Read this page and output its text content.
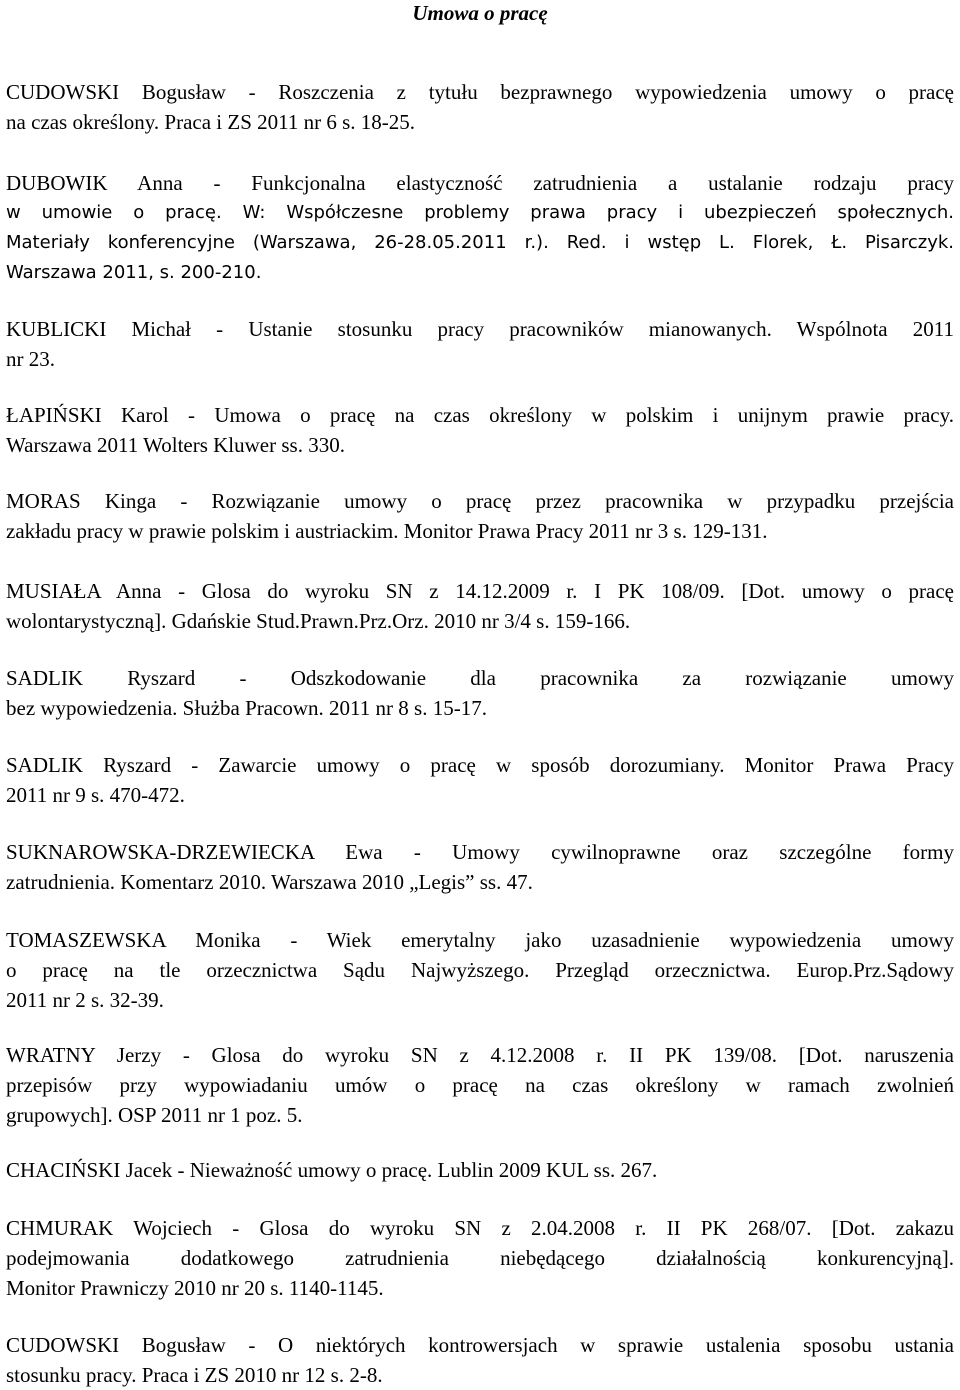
Umowa o pracę
CUDOWSKI Bogusław - Roszczenia z tytułu bezprawnego wypowiedzenia umowy o pracę
na czas określony. Praca i ZS 2011 nr 6 s. 18-25.
DUBOWIK Anna - Funkcjonalna elastyczność zatrudnienia a ustalanie rodzaju pracy
w umowie o pracę. W: Współczesne problemy prawa pracy i ubezpieczeń społecznych.
Materiały konferencyjne (Warszawa, 26-28.05.2011 r.). Red. i wstęp L. Florek, Ł. Pisarczyk.
Warszawa 2011, s. 200-210.
KUBLICKI Michał - Ustanie stosunku pracy pracowników mianowanych. Wspólnota 2011
nr 23.
ŁAPIŃSKI Karol - Umowa o pracę na czas określony w polskim i unijnym prawie pracy.
Warszawa 2011 Wolters Kluwer ss. 330.
MORAS Kinga - Rozwiązanie umowy o pracę przez pracownika w przypadku przejścia
zakładu pracy w prawie polskim i austriackim. Monitor Prawa Pracy 2011 nr 3 s. 129-131.
MUSIAŁA Anna - Glosa do wyroku SN z 14.12.2009 r. I PK 108/09. [Dot. umowy o pracę
wolontarystyczną]. Gdańskie Stud.Prawn.Prz.Orz. 2010 nr 3/4 s. 159-166.
SADLIK Ryszard - Odszkodowanie dla pracownika za rozwiązanie umowy
bez wypowiedzenia. Służba Pracown. 2011 nr 8 s. 15-17.
SADLIK Ryszard - Zawarcie umowy o pracę w sposób dorozumiany. Monitor Prawa Pracy
2011 nr 9 s. 470-472.
SUKNAROWSKA-DRZEWIECKA Ewa - Umowy cywilnoprawne oraz szczególne formy
zatrudnienia. Komentarz 2010. Warszawa 2010 „Legis” ss. 47.
TOMASZEWSKA Monika - Wiek emerytalny jako uzasadnienie wypowiedzenia umowy
o pracę na tle orzecznictwa Sądu Najwyższego. Przegląd orzecznictwa. Europ.Prz.Sądowy
2011 nr 2 s. 32-39.
WRATNY Jerzy - Glosa do wyroku SN z 4.12.2008 r. II PK 139/08. [Dot. naruszenia
przepisów przy wypowiadaniu umów o pracę na czas określony w ramach zwolnień
grupowych]. OSP 2011 nr 1 poz. 5.
CHACIŃSKI Jacek - Nieważność umowy o pracę. Lublin 2009 KUL ss. 267.
CHMURAK Wojciech - Glosa do wyroku SN z 2.04.2008 r. II PK 268/07. [Dot. zakazu
podejmowania dodatkowego zatrudnienia niebędącego działalnością konkurencyjną].
Monitor Prawniczy 2010 nr 20 s. 1140-1145.
CUDOWSKI Bogusław - O niektórych kontrowersjach w sprawie ustalenia sposobu ustania
stosunku pracy. Praca i ZS 2010 nr 12 s. 2-8.
